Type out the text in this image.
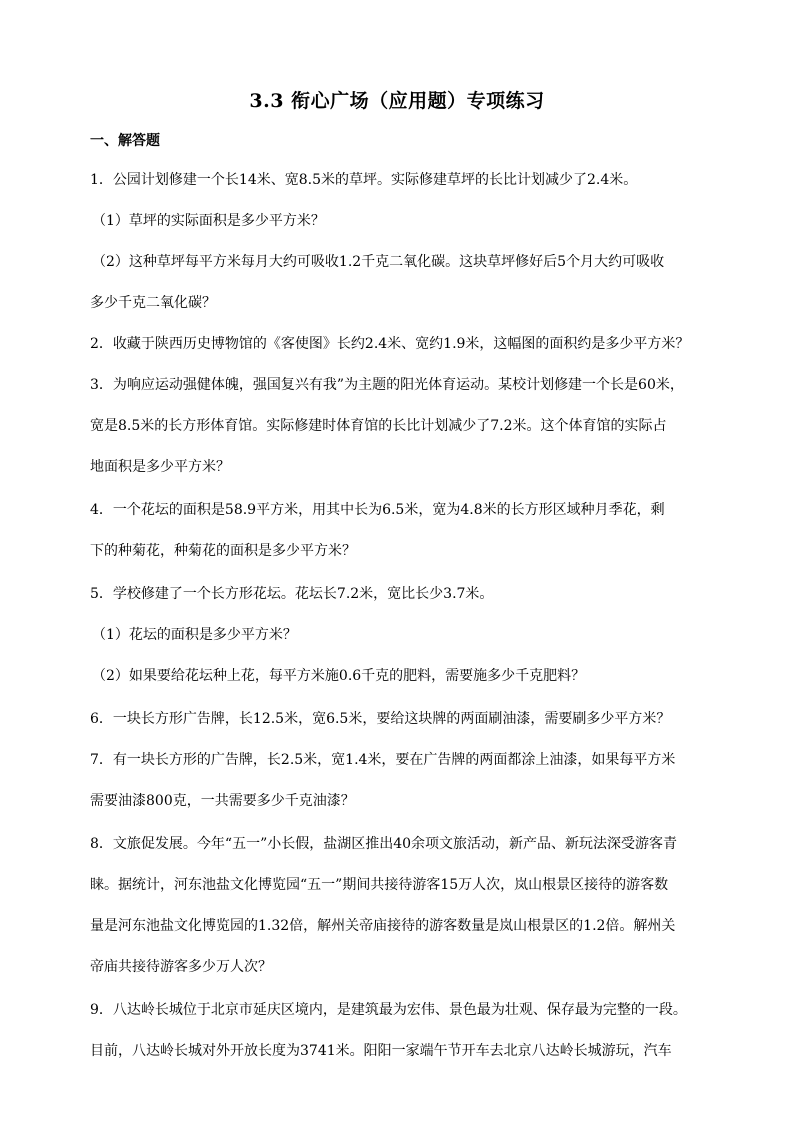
3.3 衔心广场（应用题）专项练习
一、解答题
1．公园计划修建一个长14米、宽8.5米的草坪。实际修建草坪的长比计划减少了2.4米。
（1）草坪的实际面积是多少平方米？
（2）这种草坪每平方米每月大约可吸收1.2千克二氧化碳。这块草坪修好后5个月大约可吸收
多少千克二氧化碳？
2．收藏于陕西历史博物馆的《客使图》长约2.4米、宽约1.9米，这幅图的面积约是多少平方米？
3．为响应运动强健体魄，强国复兴有我”为主题的阳光体育运动。某校计划修建一个长是60米，
宽是8.5米的长方形体育馆。实际修建时体育馆的长比计划减少了7.2米。这个体育馆的实际占
地面积是多少平方米？
4．一个花坛的面积是58.9平方米，用其中长为6.5米，宽为4.8米的长方形区域种月季花，剩
下的种菊花，种菊花的面积是多少平方米？
5．学校修建了一个长方形花坛。花坛长7.2米，宽比长少3.7米。
（1）花坛的面积是多少平方米？
（2）如果要给花坛种上花，每平方米施0.6千克的肥料，需要施多少千克肥料？
6．一块长方形广告牌，长12.5米，宽6.5米，要给这块牌的两面刷油漆，需要刷多少平方米？
7．有一块长方形的广告牌，长2.5米，宽1.4米，要在广告牌的两面都涂上油漆，如果每平方米
需要油漆800克，一共需要多少千克油漆？
8．文旅促发展。今年“五一”小长假，盐湖区推出40余项文旅活动，新产品、新玩法深受游客青
睐。据统计，河东池盐文化博览园“五一”期间共接待游客15万人次，岚山根景区接待的游客数
量是河东池盐文化博览园的1.32倍，解州关帝庙接待的游客数量是岚山根景区的1.2倍。解州关
帝庙共接待游客多少万人次？
9．八达岭长城位于北京市延庆区境内，是建筑最为宏伟、景色最为壮观、保存最为完整的一段。
目前，八达岭长城对外开放长度为3741米。阳阳一家端午节开车去北京八达岭长城游玩，汽车
